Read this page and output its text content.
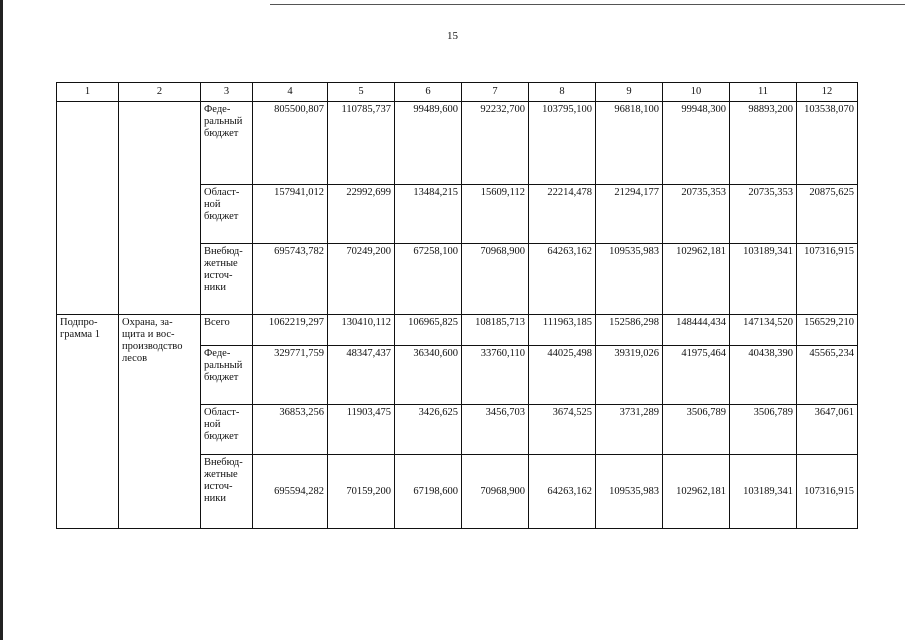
15
1	2	3	4	5	6	7	8	9	10	11	12
		Феде-
ральный
бюджет	805500,807	110785,737	99489,600	92232,700	103795,100	96818,100	99948,300	98893,200	103538,070
		Област-
ной
бюджет	157941,012	22992,699	13484,215	15609,112	22214,478	21294,177	20735,353	20735,353	20875,625
		Внебюд-
жетные
источ-
ники	695743,782	70249,200	67258,100	70968,900	64263,162	109535,983	102962,181	103189,341	107316,915
Подпро-
грамма 1	Охрана, за-
щита и вос-
производство
лесов	Всего	1062219,297	130410,112	106965,825	108185,713	111963,185	152586,298	148444,434	147134,520	156529,210
		Феде-
ральный
бюджет	329771,759	48347,437	36340,600	33760,110	44025,498	39319,026	41975,464	40438,390	45565,234
		Област-
ной
бюджет	36853,256	11903,475	3426,625	3456,703	3674,525	3731,289	3506,789	3506,789	3647,061
		Внебюд-
жетные
источ-
ники	695594,282	70159,200	67198,600	70968,900	64263,162	109535,983	102962,181	103189,341	107316,915
